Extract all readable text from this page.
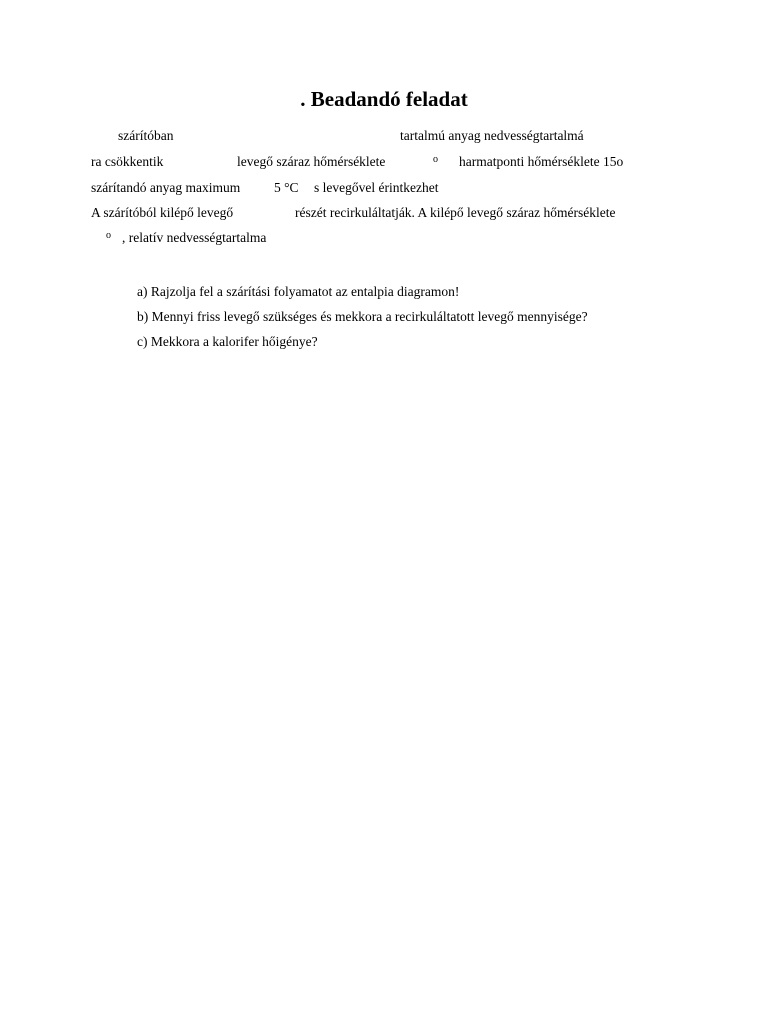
. Beadandó feladat
szárítóban	tartalmú anyag nedvességtartalmá
ra csökkentik	levegő száraz hőmérséklete	o harmatponti hőmérséklete 15o
szárítandó anyag maximum	5 °C s levegővel érintkezhet
A szárítóból kilépő levegő	részét recirkuláltatják. A kilépő levegő száraz hőmérséklete
o , relatív nedvességtartalma
a) Rajzolja fel a szárítási folyamatot az entalpia diagramon!
b) Mennyi friss levegő szükséges és mekkora a recirkuláltatott levegő mennyisége?
c) Mekkora a kalorifer hőigénye?
